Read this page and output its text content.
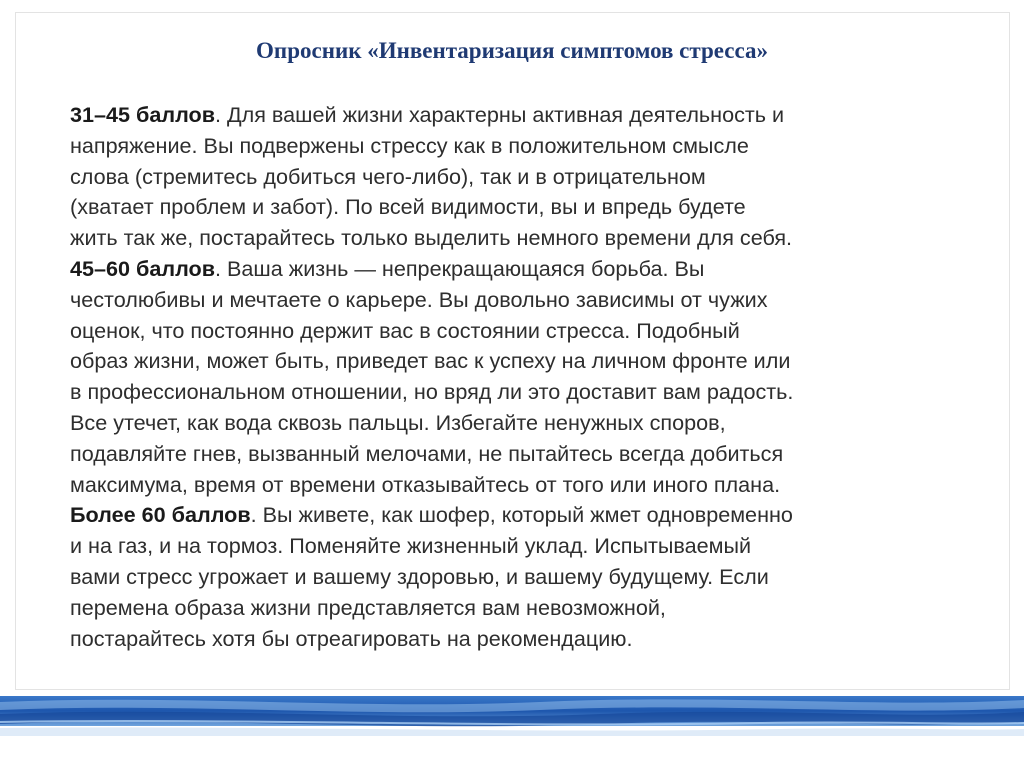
Опросник «Инвентаризация симптомов стресса»
31–45 баллов. Для вашей жизни характерны активная деятельность и
напряжение. Вы подвержены стрессу как в положительном смысле
слова (стремитесь добиться чего-либо), так и в отрицательном
(хватает проблем и забот). По всей видимости, вы и впредь будете
жить так же, постарайтесь только выделить немного времени для себя.
45–60 баллов. Ваша жизнь — непрекращающаяся борьба. Вы
честолюбивы и мечтаете о карьере. Вы довольно зависимы от чужих
оценок, что постоянно держит вас в состоянии стресса. Подобный
образ жизни, может быть, приведет вас к успеху на личном фронте или
в профессиональном отношении, но вряд ли это доставит вам радость.
Все утечет, как вода сквозь пальцы. Избегайте ненужных споров,
подавляйте гнев, вызванный мелочами, не пытайтесь всегда добиться
максимума, время от времени отказывайтесь от того или иного плана.
Более 60 баллов. Вы живете, как шофер, который жмет одновременно
и на газ, и на тормоз. Поменяйте жизненный уклад. Испытываемый
вами стресс угрожает и вашему здоровью, и вашему будущему. Если
перемена образа жизни представляется вам невозможной,
постарайтесь хотя бы отреагировать на рекомендацию.
